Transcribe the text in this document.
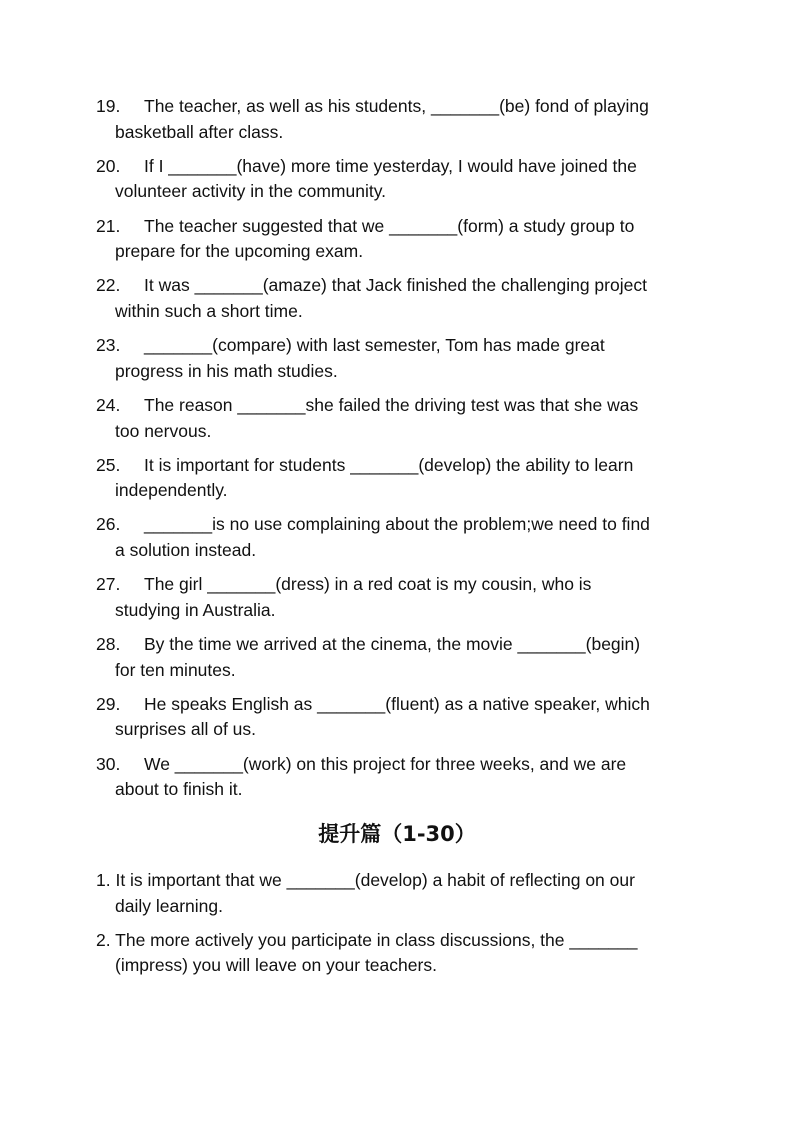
19.	The teacher, as well as his students, _______(be) fond of playing
basketball after class.
20.	If I _______(have) more time yesterday, I would have joined the
volunteer activity in the community.
21.	The teacher suggested that we _______(form) a study group to
prepare for the upcoming exam.
22.	It was _______(amaze) that Jack finished the challenging project
within such a short time.
23.	_______(compare) with last semester, Tom has made great
progress in his math studies.
24.	The reason _______she failed the driving test was that she was
too nervous.
25.	It is important for students _______(develop) the ability to learn
independently.
26.	_______is no use complaining about the problem;we need to find
a solution instead.
27.	The girl _______(dress) in a red coat is my cousin, who is
studying in Australia.
28.	By the time we arrived at the cinema, the movie _______(begin)
for ten minutes.
29.	He speaks English as _______(fluent) as a native speaker, which
surprises all of us.
30.	We _______(work) on this project for three weeks, and we are
about to finish it.
提升篇（1-30）
1. It is important that we _______(develop) a habit of reflecting on our
daily learning.
2. The more actively you participate in class discussions, the _______
(impress) you will leave on your teachers.
